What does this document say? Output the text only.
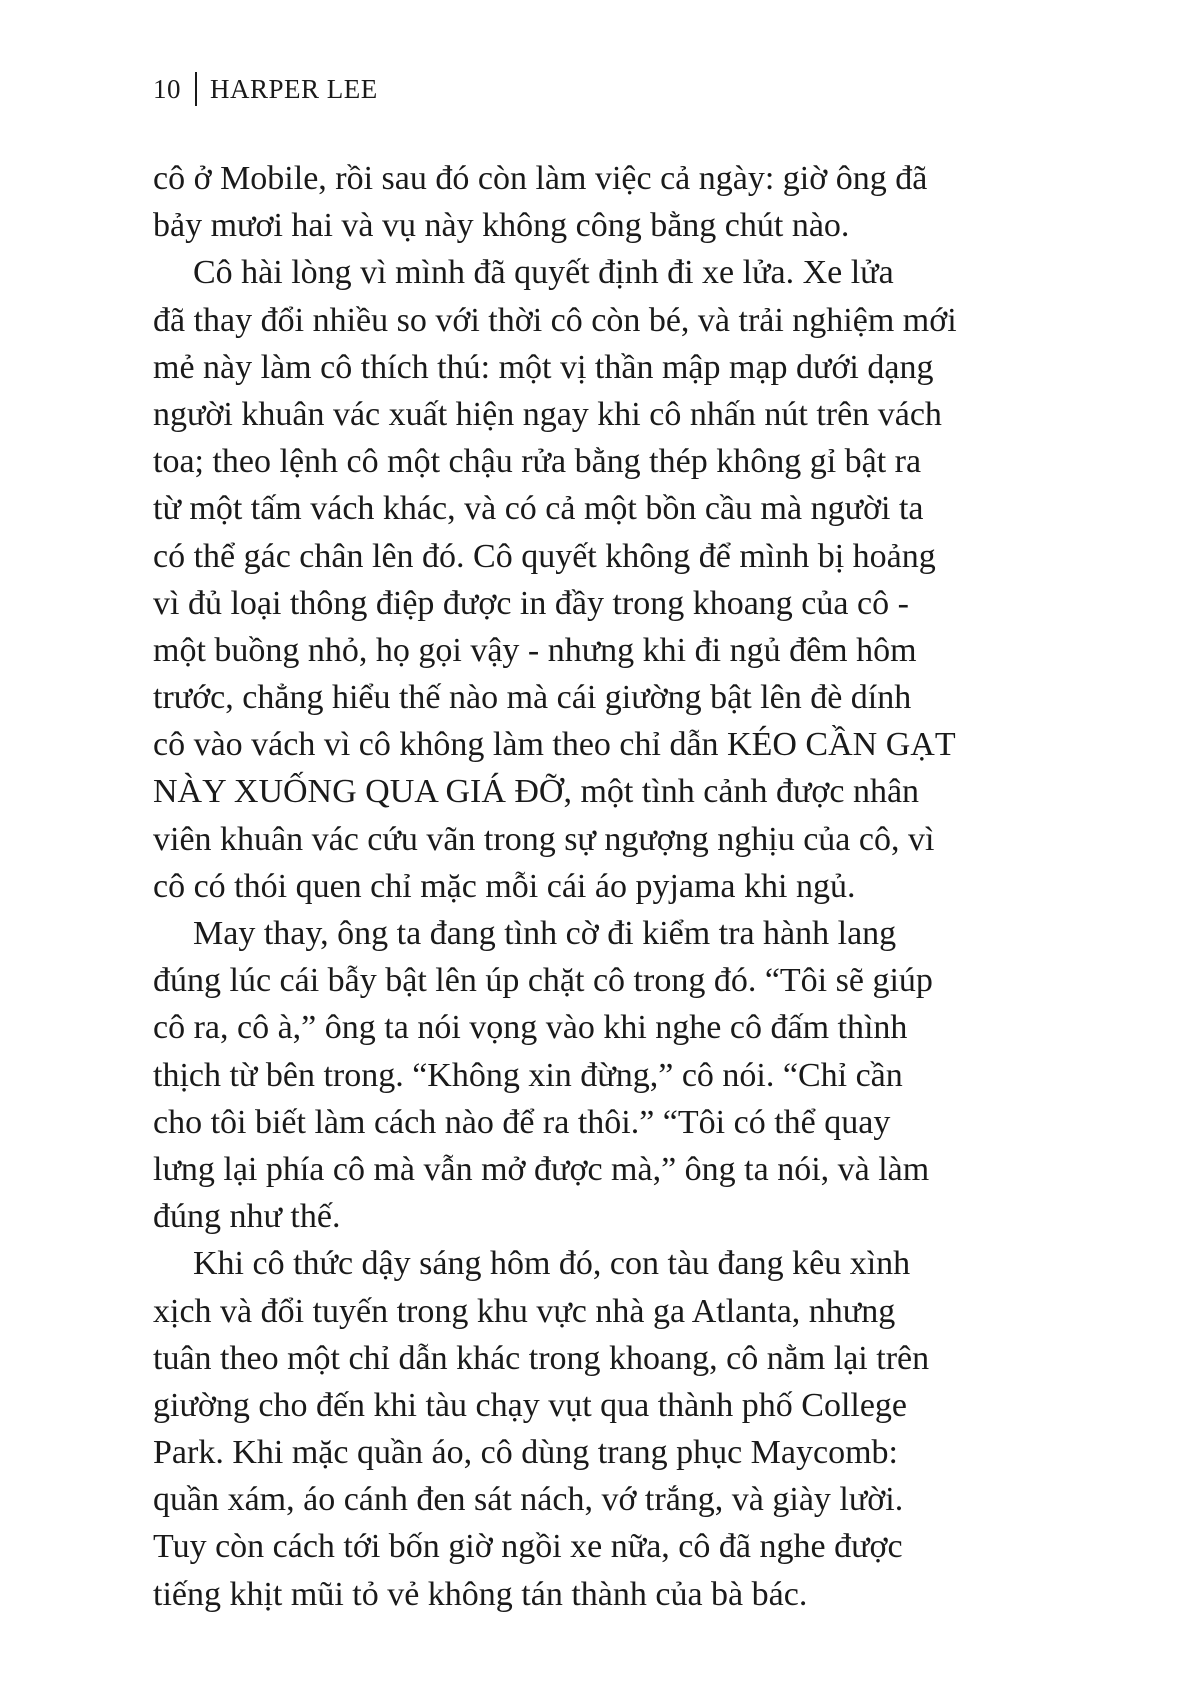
10 HARPER LEE
cô ở Mobile, rồi sau đó còn làm việc cả ngày: giờ ông đã
bảy mươi hai và vụ này không công bằng chút nào.
Cô hài lòng vì mình đã quyết định đi xe lửa. Xe lửa
đã thay đổi nhiều so với thời cô còn bé, và trải nghiệm mới
mẻ này làm cô thích thú: một vị thần mập mạp dưới dạng
người khuân vác xuất hiện ngay khi cô nhấn nút trên vách
toa; theo lệnh cô một chậu rửa bằng thép không gỉ bật ra
từ một tấm vách khác, và có cả một bồn cầu mà người ta
có thể gác chân lên đó. Cô quyết không để mình bị hoảng
vì đủ loại thông điệp được in đầy trong khoang của cô -
một buồng nhỏ, họ gọi vậy - nhưng khi đi ngủ đêm hôm
trước, chẳng hiểu thế nào mà cái giường bật lên đè dính
cô vào vách vì cô không làm theo chỉ dẫn KÉO CẦN GẠT
NÀY XUỐNG QUA GIÁ ĐỠ, một tình cảnh được nhân
viên khuân vác cứu vãn trong sự ngượng nghịu của cô, vì
cô có thói quen chỉ mặc mỗi cái áo pyjama khi ngủ.
May thay, ông ta đang tình cờ đi kiểm tra hành lang
đúng lúc cái bẫy bật lên úp chặt cô trong đó. “Tôi sẽ giúp
cô ra, cô à,” ông ta nói vọng vào khi nghe cô đấm thình
thịch từ bên trong. “Không xin đừng,” cô nói. “Chỉ cần
cho tôi biết làm cách nào để ra thôi.” “Tôi có thể quay
lưng lại phía cô mà vẫn mở được mà,” ông ta nói, và làm
đúng như thế.
Khi cô thức dậy sáng hôm đó, con tàu đang kêu xình
xịch và đổi tuyến trong khu vực nhà ga Atlanta, nhưng
tuân theo một chỉ dẫn khác trong khoang, cô nằm lại trên
giường cho đến khi tàu chạy vụt qua thành phố College
Park. Khi mặc quần áo, cô dùng trang phục Maycomb:
quần xám, áo cánh đen sát nách, vớ trắng, và giày lười.
Tuy còn cách tới bốn giờ ngồi xe nữa, cô đã nghe được
tiếng khịt mũi tỏ vẻ không tán thành của bà bác.
